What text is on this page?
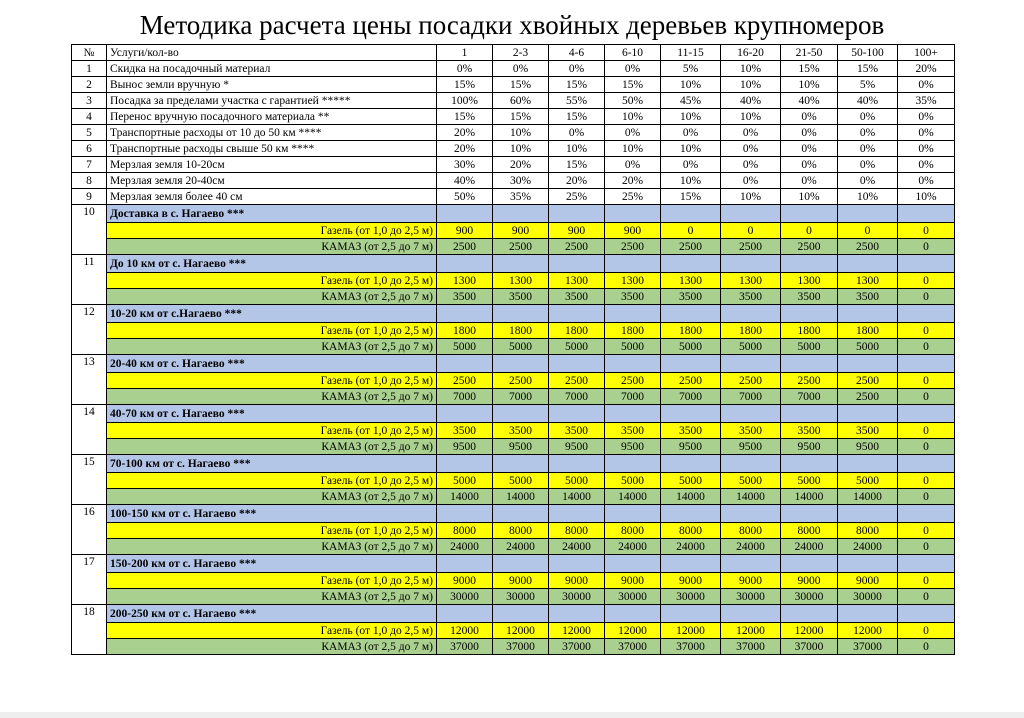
Методика расчета цены посадки хвойных деревьев крупномеров
№	Услуги/кол-во	1	2-3	4-6	6-10	11-15	16-20	21-50	50-100	100+
1	Скидка на посадочный материал	0%	0%	0%	0%	5%	10%	15%	15%	20%
2	Вынос земли вручную *	15%	15%	15%	15%	10%	10%	10%	5%	0%
3	Посадка за пределами участка с гарантией *****	100%	60%	55%	50%	45%	40%	40%	40%	35%
4	Перенос вручную посадочного материала **	15%	15%	15%	10%	10%	10%	0%	0%	0%
5	Транспортные расходы от 10 до 50 км ****	20%	10%	0%	0%	0%	0%	0%	0%	0%
6	Транспортные расходы свыше 50 км ****	20%	10%	10%	10%	10%	0%	0%	0%	0%
7	Мерзлая земля 10-20см	30%	20%	15%	0%	0%	0%	0%	0%	0%
8	Мерзлая земля 20-40см	40%	30%	20%	20%	10%	0%	0%	0%	0%
9	Мерзлая земля более 40 см	50%	35%	25%	25%	15%	10%	10%	10%	10%
10	Доставка в с. Нагаево ***									
	Газель (от 1,0 до 2,5 м)	900	900	900	900	0	0	0	0	0
	КАМАЗ (от 2,5 до 7 м)	2500	2500	2500	2500	2500	2500	2500	2500	0
11	До 10 км от с. Нагаево ***									
	Газель (от 1,0 до 2,5 м)	1300	1300	1300	1300	1300	1300	1300	1300	0
	КАМАЗ (от 2,5 до 7 м)	3500	3500	3500	3500	3500	3500	3500	3500	0
12	10-20 км от с.Нагаево ***									
	Газель (от 1,0 до 2,5 м)	1800	1800	1800	1800	1800	1800	1800	1800	0
	КАМАЗ (от 2,5 до 7 м)	5000	5000	5000	5000	5000	5000	5000	5000	0
13	20-40 км от с. Нагаево ***									
	Газель (от 1,0 до 2,5 м)	2500	2500	2500	2500	2500	2500	2500	2500	0
	КАМАЗ (от 2,5 до 7 м)	7000	7000	7000	7000	7000	7000	7000	2500	0
14	40-70 км от с. Нагаево ***									
	Газель (от 1,0 до 2,5 м)	3500	3500	3500	3500	3500	3500	3500	3500	0
	КАМАЗ (от 2,5 до 7 м)	9500	9500	9500	9500	9500	9500	9500	9500	0
15	70-100 км от с. Нагаево ***									
	Газель (от 1,0 до 2,5 м)	5000	5000	5000	5000	5000	5000	5000	5000	0
	КАМАЗ (от 2,5 до 7 м)	14000	14000	14000	14000	14000	14000	14000	14000	0
16	100-150 км от с. Нагаево ***									
	Газель (от 1,0 до 2,5 м)	8000	8000	8000	8000	8000	8000	8000	8000	0
	КАМАЗ (от 2,5 до 7 м)	24000	24000	24000	24000	24000	24000	24000	24000	0
17	150-200 км от с. Нагаево ***									
	Газель (от 1,0 до 2,5 м)	9000	9000	9000	9000	9000	9000	9000	9000	0
	КАМАЗ (от 2,5 до 7 м)	30000	30000	30000	30000	30000	30000	30000	30000	0
18	200-250 км от с. Нагаево ***									
	Газель (от 1,0 до 2,5 м)	12000	12000	12000	12000	12000	12000	12000	12000	0
	КАМАЗ (от 2,5 до 7 м)	37000	37000	37000	37000	37000	37000	37000	37000	0
